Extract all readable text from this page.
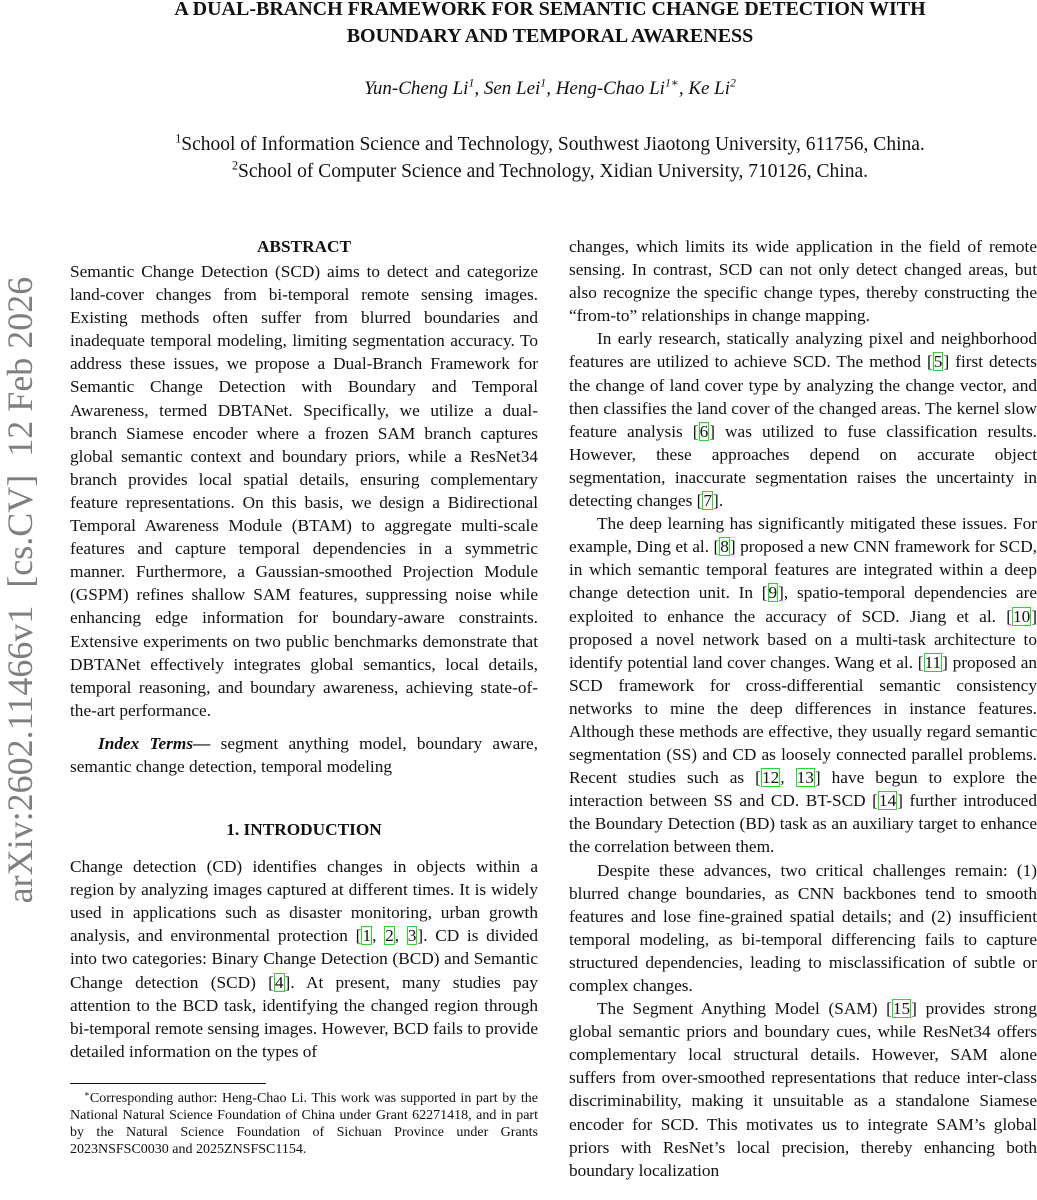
arXiv:2602.11466v1  [cs.CV]  12 Feb 2026
A DUAL-BRANCH FRAMEWORK FOR SEMANTIC CHANGE DETECTION WITH
BOUNDARY AND TEMPORAL AWARENESS
Yun-Cheng Li$^1$, Sen Lei$^1$, Heng-Chao $Li^{1∗}$, Ke Li$^2$
$^1$School of Information Science and Technology, Southwest Jiaotong University, 611756, China.
$^2$School of Computer Science and Technology, Xidian University, 710126, China.
ABSTRACT

Semantic Change Detection (SCD) aims to detect and categorize land-cover changes from bi-temporal remote sensing images. Existing methods often suffer from blurred boundaries and inadequate temporal modeling, limiting segmentation accuracy. To address these issues, we propose a Dual-Branch Framework for Semantic Change Detection with Boundary and Temporal Awareness, termed DBTANet. Specifically, we utilize a dual-branch Siamese encoder where a frozen SAM branch captures global semantic context and boundary priors, while a ResNet34 branch provides local spatial details, ensuring complementary feature representations. On this basis, we design a Bidirectional Temporal Awareness Module (BTAM) to aggregate multi-scale features and capture temporal dependencies in a symmetric manner. Furthermore, a Gaussian-smoothed Projection Module (GSPM) refines shallow SAM features, suppressing noise while enhancing edge information for boundary-aware constraints. Extensive experiments on two public benchmarks demonstrate that DBTANet effectively integrates global semantics, local details, temporal reasoning, and boundary awareness, achieving state-of-the-art performance.

Index Terms— segment anything model, boundary aware, semantic change detection, temporal modeling

1. INTRODUCTION

Change detection (CD) identifies changes in objects within a region by analyzing images captured at different times. It is widely used in applications such as disaster monitoring, urban growth analysis, and environmental protection [1, 2, 3]. CD is divided into two categories: Binary Change Detection (BCD) and Semantic Change detection (SCD) [4]. At present, many studies pay attention to the BCD task, identifying the changed region through bi-temporal remote sensing images. However, BCD fails to provide detailed information on the types of

∗Corresponding author: Heng-Chao Li. This work was supported in part by the National Natural Science Foundation of China under Grant 62271418, and in part by the Natural Science Foundation of Sichuan Province under Grants 2023NSFSC0030 and 2025ZNSFSC1154.

changes, which limits its wide application in the field of remote sensing. In contrast, SCD can not only detect changed areas, but also recognize the specific change types, thereby constructing the “from-to” relationships in change mapping.

In early research, statically analyzing pixel and neighborhood features are utilized to achieve SCD. The method [5] first detects the change of land cover type by analyzing the change vector, and then classifies the land cover of the changed areas. The kernel slow feature analysis [6] was utilized to fuse classification results. However, these approaches depend on accurate object segmentation, inaccurate segmentation raises the uncertainty in detecting changes [7].

The deep learning has significantly mitigated these issues. For example, Ding et al. [8] proposed a new CNN framework for SCD, in which semantic temporal features are integrated within a deep change detection unit. In [9], spatio-temporal dependencies are exploited to enhance the accuracy of SCD. Jiang et al. [10] proposed a novel network based on a multi-task architecture to identify potential land cover changes. Wang et al. [11] proposed an SCD framework for cross-differential semantic consistency networks to mine the deep differences in instance features. Although these methods are effective, they usually regard semantic segmentation (SS) and CD as loosely connected parallel problems. Recent studies such as [12, 13] have begun to explore the interaction between SS and CD. BT-SCD [14] further introduced the Boundary Detection (BD) task as an auxiliary target to enhance the correlation between them.

Despite these advances, two critical challenges remain: (1) blurred change boundaries, as CNN backbones tend to smooth features and lose fine-grained spatial details; and (2) insufficient temporal modeling, as bi-temporal differencing fails to capture structured dependencies, leading to misclassification of subtle or complex changes.

The Segment Anything Model (SAM) [15] provides strong global semantic priors and boundary cues, while ResNet34 offers complementary local structural details. However, SAM alone suffers from over-smoothed representations that reduce inter-class discriminability, making it unsuitable as a standalone Siamese encoder for SCD. This motivates us to integrate SAM’s global priors with ResNet’s local precision, thereby enhancing both boundary localization
